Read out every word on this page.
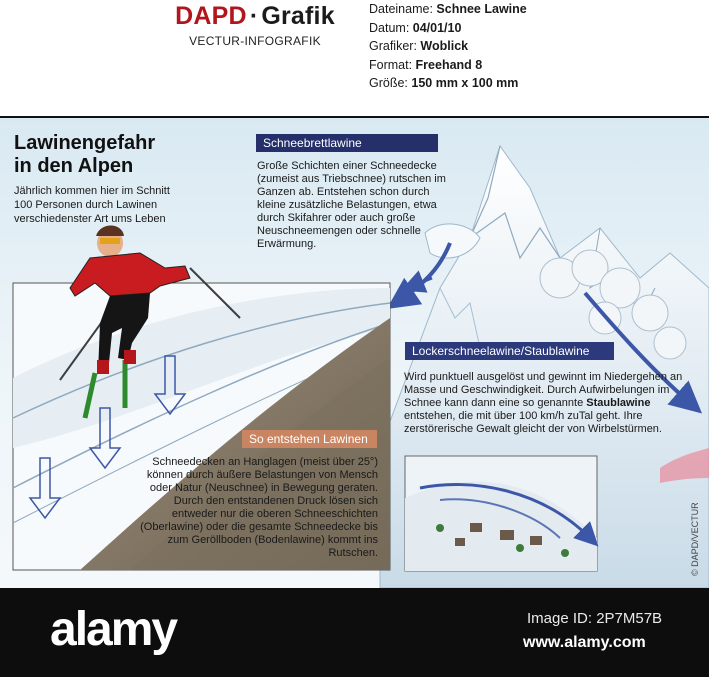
DAPD · Grafik
VECTUR-INFOGRAFIK
Dateiname: Schnee Lawine
Datum: 04/01/10
Grafiker: Woblick
Format: Freehand 8
Größe: 150 mm x 100 mm
Lawinengefahr
in den Alpen
Jährlich kommen hier im Schnitt 100 Personen durch Lawinen verschiedenster Art ums Leben
Schneebrettlawine
Große Schichten einer Schneedecke (zumeist aus Triebschnee) rutschen im Ganzen ab. Entstehen schon durch kleine zusätzliche Belastungen, etwa durch Skifahrer oder auch große Neuschneemengen oder schnelle Erwärmung.
Lockerschneelawine/Staublawine
Wird punktuell ausgelöst und gewinnt im Niedergehen an Masse und Geschwindigkeit. Durch Aufwirbelungen im Schnee kann dann eine so genannte Staublawine entstehen, die mit über 100 km/h zuTal geht. Ihre zerstörerische Gewalt gleicht der von Wirbelstürmen.
So entstehen Lawinen
Schneedecken an Hanglagen (meist über 25°) können durch äußere Belastungen von Mensch oder Natur (Neuschnee) in Bewegung geraten. Durch den entstandenen Druck lösen sich entweder nur die oberen Schneeschichten (Oberlawine) oder die gesamte Schneedecke bis zum Geröllboden (Bodenlawine) kommt ins Rutschen.	© DAPD/VECTUR
alamy	Image ID: 2P7M57B
www.alamy.com
